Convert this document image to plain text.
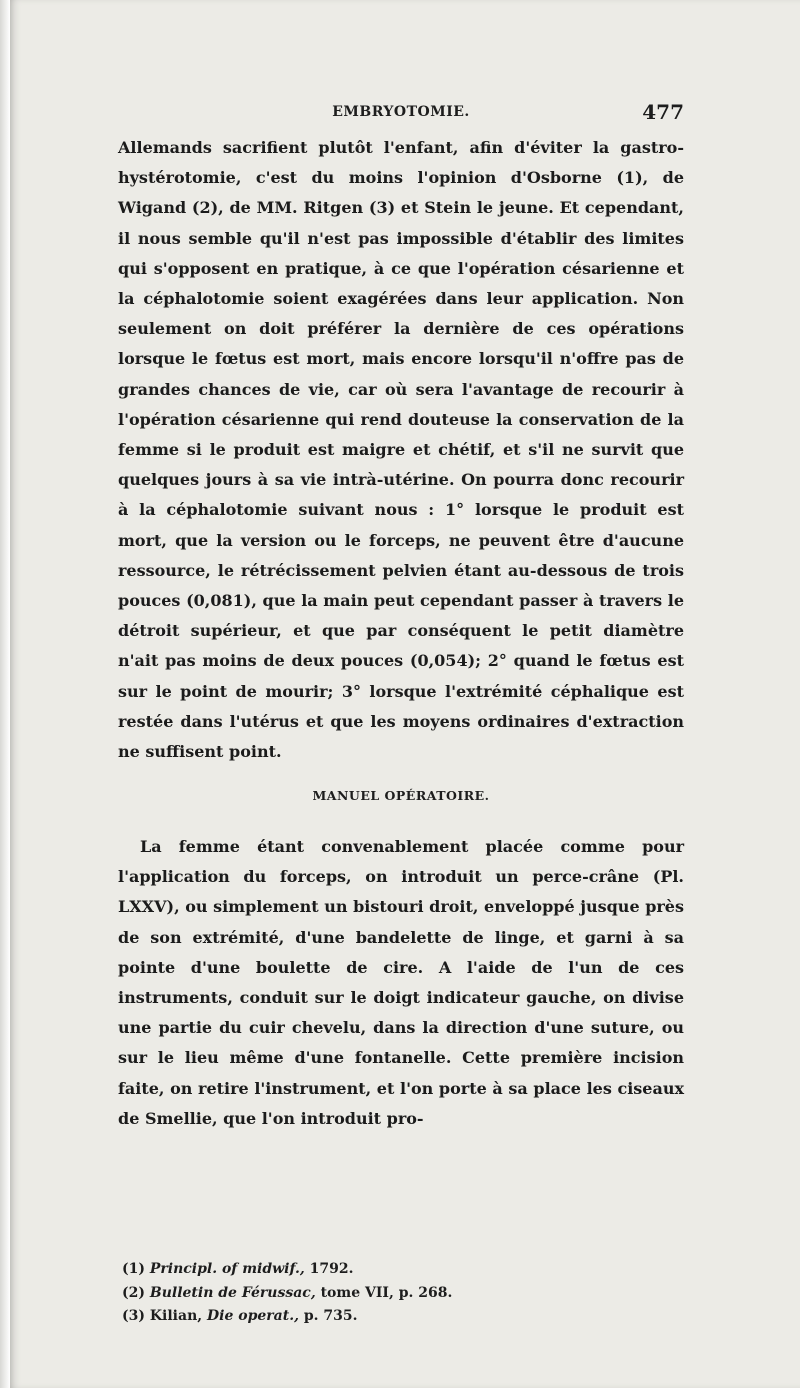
EMBRYOTOMIE.	477

Allemands sacrifient plutôt l'enfant, afin d'éviter la gastro-hystérotomie, c'est du moins l'opinion d'Osborne (1), de Wigand (2), de MM. Ritgen (3) et Stein le jeune. Et cependant, il nous semble qu'il n'est pas impossible d'établir des limites qui s'opposent en pratique, à ce que l'opération césarienne et la céphalotomie soient exagérées dans leur application. Non seulement on doit préférer la dernière de ces opérations lorsque le fœtus est mort, mais encore lorsqu'il n'offre pas de grandes chances de vie, car où sera l'avantage de recourir à l'opération césarienne qui rend douteuse la conservation de la femme si le produit est maigre et chétif, et s'il ne survit que quelques jours à sa vie intrà-utérine. On pourra donc recourir à la céphalotomie suivant nous : 1° lorsque le produit est mort, que la version ou le forceps, ne peuvent être d'aucune ressource, le rétrécissement pelvien étant au-dessous de trois pouces (0,081), que la main peut cependant passer à travers le détroit supérieur, et que par conséquent le petit diamètre n'ait pas moins de deux pouces (0,054); 2° quand le fœtus est sur le point de mourir; 3° lorsque l'extrémité céphalique est restée dans l'utérus et que les moyens ordinaires d'extraction ne suffisent point.

MANUEL OPÉRATOIRE.

La femme étant convenablement placée comme pour l'application du forceps, on introduit un perce-crâne (Pl. LXXV), ou simplement un bistouri droit, enveloppé jusque près de son extrémité, d'une bandelette de linge, et garni à sa pointe d'une boulette de cire. A l'aide de l'un de ces instruments, conduit sur le doigt indicateur gauche, on divise une partie du cuir chevelu, dans la direction d'une suture, ou sur le lieu même d'une fontanelle. Cette première incision faite, on retire l'instrument, et l'on porte à sa place les ciseaux de Smellie, que l'on introduit pro-

(1) Principl. of midwif., 1792.
(2) Bulletin de Férussac, tome VII, p. 268.
(3) Kilian, Die operat., p. 735.
